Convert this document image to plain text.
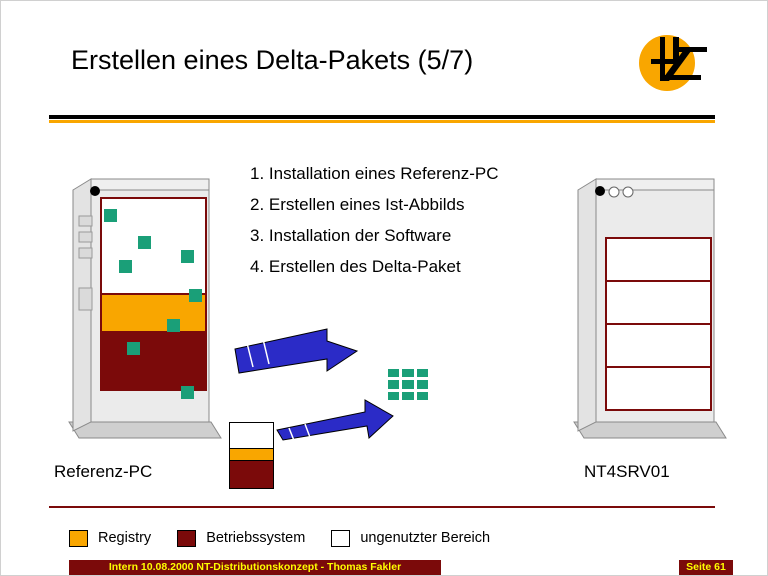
Erstellen eines Delta-Pakets (5/7)
1. Installation eines Referenz-PC
2. Erstellen eines Ist-Abbilds
3. Installation der Software
4. Erstellen des Delta-Paket
Referenz-PC	NT4SRV01
Registry	Betriebssystem	ungenutzter Bereich
Intern 10.08.2000 NT-Distributionskonzept - Thomas Fakler	Seite 61
